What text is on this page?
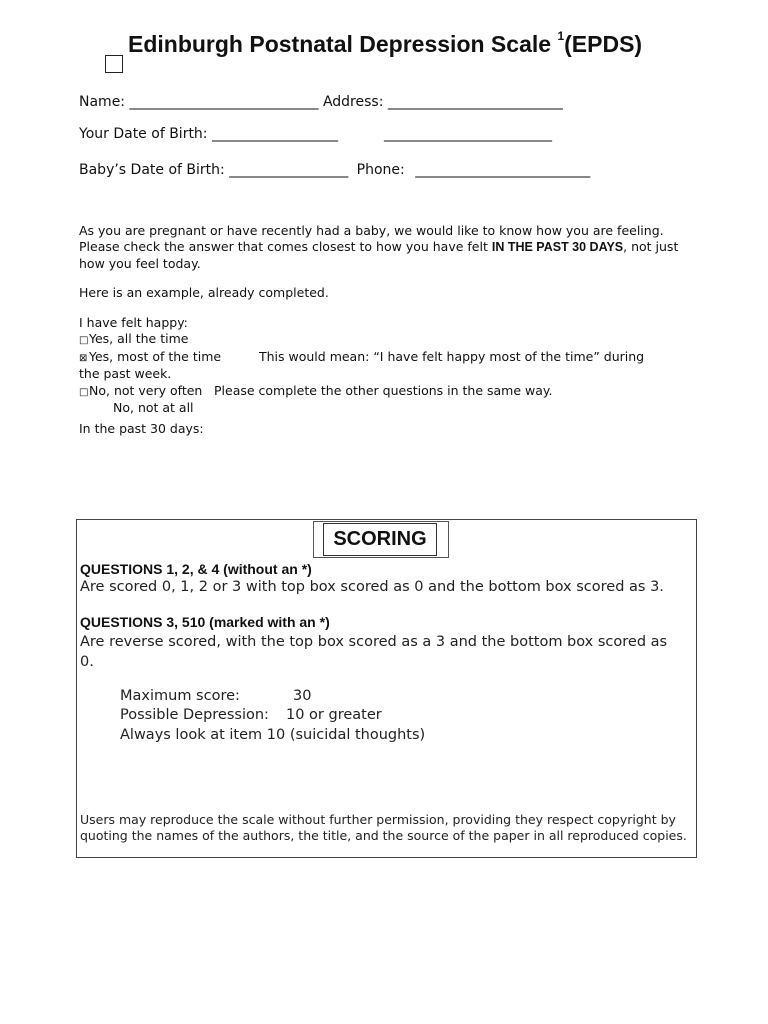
Edinburgh Postnatal Depression Scale $^1$(EPDS)
Name: ___________________________ Address: _________________________
Your Date of Birth: __________________	________________________
Baby’s Date of Birth: _________________ Phone: _________________________
As you are pregnant or have recently had a baby, we would like to know how you are feeling.
Please check the answer that comes closest to how you have felt IN THE PAST 30 DAYS, not just
how you feel today.
Here is an example, already completed.
I have felt happy:
□Yes, all the time
⊠ Yes, most of the time	This would mean: “I have felt happy most of the time” during
the past week.
□No, not very often Please complete the other questions in the same way.
No, not at all
In the past 30 days:
SCORING
QUESTIONS 1, 2, & 4 (without an *)
Are scored 0, 1, 2 or 3 with top box scored as 0 and the bottom box scored as 3.
QUESTIONS 3, 510 (marked with an *)
Are reverse scored, with the top box scored as a 3 and the bottom box scored as
0.
Maximum score:	30
Possible Depression: 10 or greater
Always look at item 10 (suicidal thoughts)
Users may reproduce the scale without further permission, providing they respect copyright by
quoting the names of the authors, the title, and the source of the paper in all reproduced copies.
